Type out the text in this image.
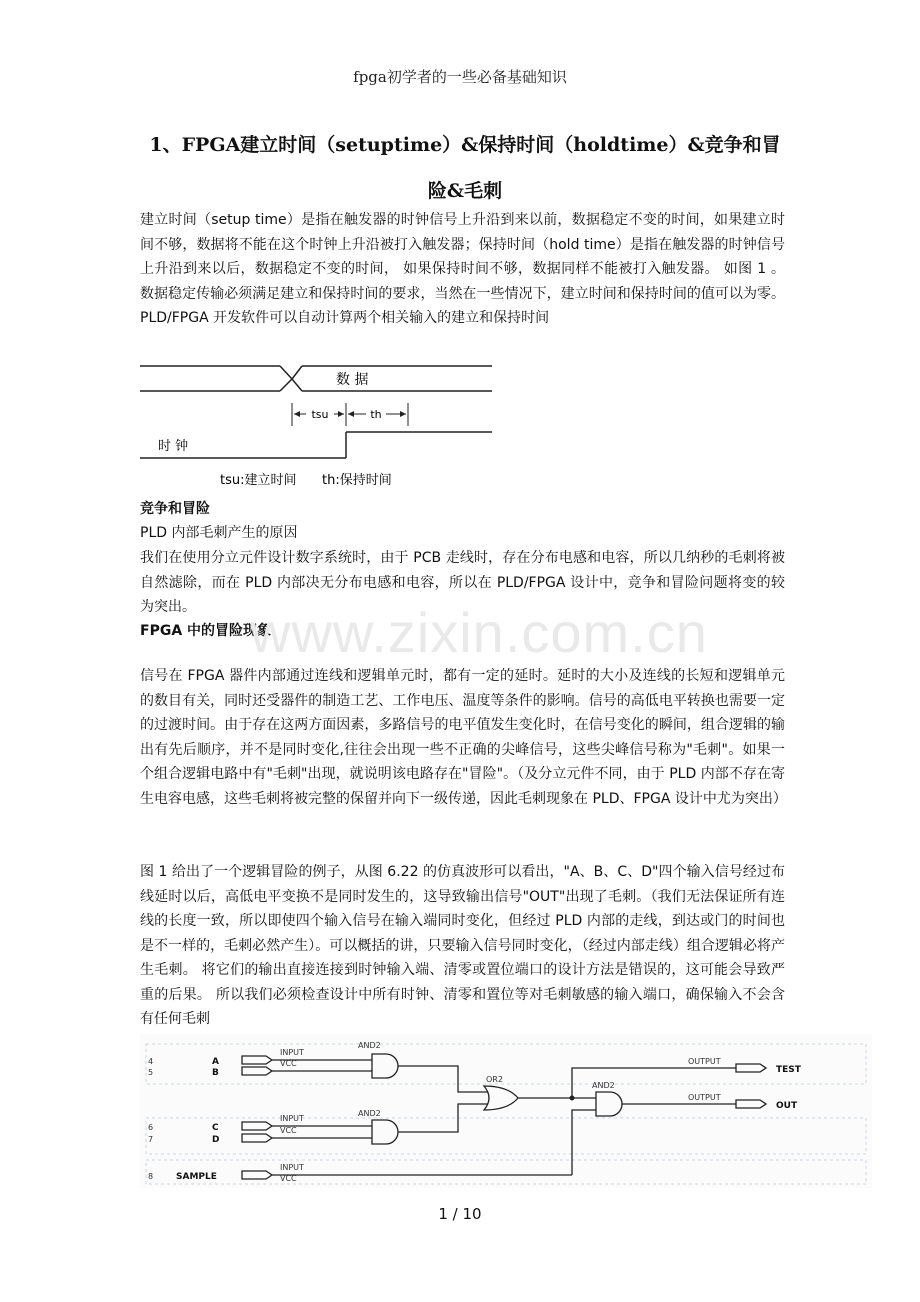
fpga初学者的一些必备基础知识
1、FPGA建立时间（setuptime）&保持时间（holdtime）&竞争和冒险&毛刺

建立时间（setup time）是指在触发器的时钟信号上升沿到来以前，数据稳定不变的时间，如果建立时间不够，数据将不能在这个时钟上升沿被打入触发器；保持时间（hold time）是指在触发器的时钟信号上升沿到来以后，数据稳定不变的时间， 如果保持时间不够，数据同样不能被打入触发器。 如图 1 。 数据稳定传输必须满足建立和保持时间的要求，当然在一些情况下，建立时间和保持时间的值可以为零。 PLD/FPGA 开发软件可以自动计算两个相关输入的建立和保持时间

tsu	th
数 据
时 钟
tsu:建立时间 th:保持时间
竞争和冒险
PLD 内部毛刺产生的原因

我们在使用分立元件设计数字系统时，由于 PCB 走线时，存在分布电感和电容，所以几纳秒的毛刺将被自然滤除，而在 PLD 内部决无分布电感和电容，所以在 PLD/FPGA 设计中，竞争和冒险问题将变的较为突出。

FPGA 中的冒险现象
www.zixin.com.cn

信号在 FPGA 器件内部通过连线和逻辑单元时，都有一定的延时。延时的大小及连线的长短和逻辑单元的数目有关，同时还受器件的制造工艺、工作电压、温度等条件的影响。信号的高低电平转换也需要一定的过渡时间。由于存在这两方面因素，多路信号的电平值发生变化时，在信号变化的瞬间，组合逻辑的输出有先后顺序，并不是同时变化,往往会出现一些不正确的尖峰信号，这些尖峰信号称为"毛刺"。如果一个组合逻辑电路中有"毛刺"出现，就说明该电路存在"冒险"。（及分立元件不同，由于 PLD 内部不存在寄生电容电感，这些毛刺将被完整的保留并向下一级传递，因此毛刺现象在 PLD、FPGA 设计中尤为突出）

图 1 给出了一个逻辑冒险的例子，从图 6.22 的仿真波形可以看出，"A、B、C、D"四个输入信号经过布线延时以后，高低电平变换不是同时发生的，这导致输出信号"OUT"出现了毛刺。（我们无法保证所有连线的长度一致，所以即使四个输入信号在输入端同时变化，但经过 PLD 内部的走线，到达或门的时间也是不一样的，毛刺必然产生）。可以概括的讲，只要输入信号同时变化，（经过内部走线）组合逻辑必将产生毛刺。 将它们的输出直接连接到时钟输入端、清零或置位端口的设计方法是错误的，这可能会导致严重的后果。 所以我们必须检查设计中所有时钟、清零和置位等对毛刺敏感的输入端口，确保输入不会含有任何毛刺

4
5
6
7
8
INPUT
VCC
INPUT
VCC
INPUT
VCC
AND2
AND2
OR2
AND2
OUTPUT
OUTPUT
A
B
C
D
SAMPLE
TEST
OUT
1 / 10
